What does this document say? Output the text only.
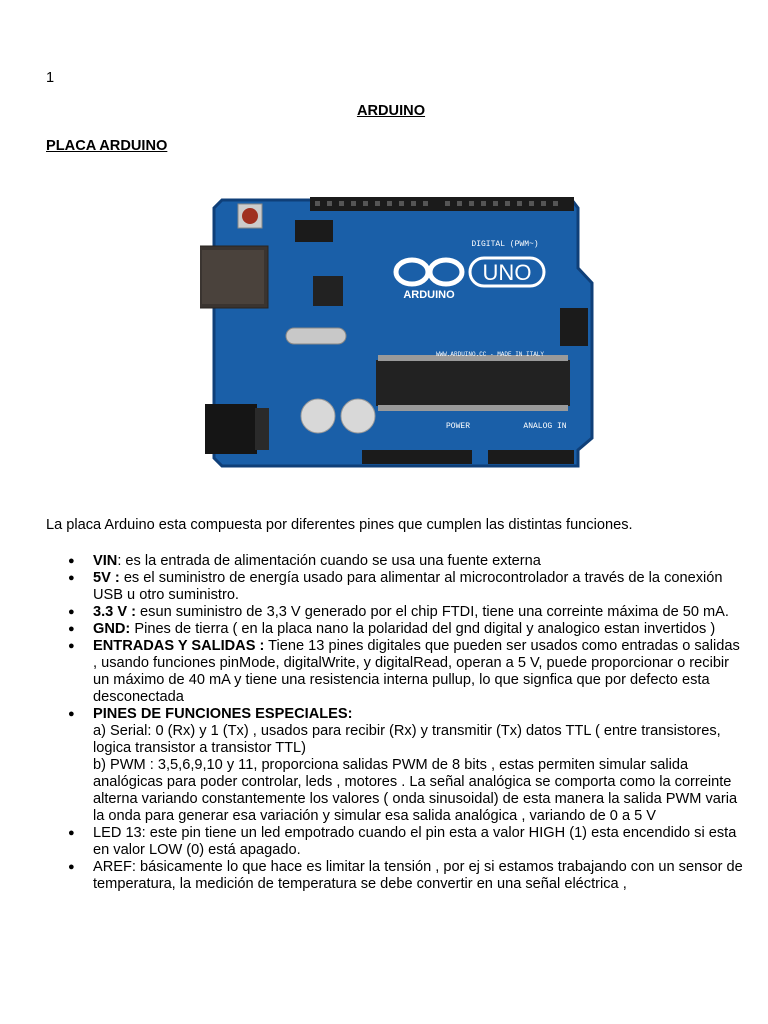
1
ARDUINO
PLACA ARDUINO
UNO
ARDUINO
DIGITAL (PWM~)
WWW.ARDUINO.CC - MADE IN ITALY
POWER	ANALOG IN
La placa Arduino esta compuesta por diferentes pines que cumplen las distintas funciones.
● VIN: es la entrada de alimentación cuando se usa una fuente externa
● 5V : es el suministro de energía usado para alimentar al microcontrolador a través de la conexión USB u otro suministro.
● 3.3 V : esun suministro de 3,3 V generado por el chip FTDI, tiene una correinte máxima de 50 mA.
● GND: Pines de tierra ( en la placa nano la polaridad del gnd digital y analogico estan invertidos )
● ENTRADAS Y SALIDAS : Tiene 13 pines digitales que pueden ser usados como entradas o salidas , usando funciones pinMode, digitalWrite, y digitalRead, operan a 5 V, puede proporcionar o recibir un máximo de 40 mA y tiene una resistencia interna pullup, lo que signfica que por defecto esta desconectada
● PINES DE FUNCIONES ESPECIALES:
a) Serial: 0 (Rx) y 1 (Tx) , usados para recibir (Rx) y transmitir (Tx) datos TTL ( entre transistores, logica transistor a transistor TTL)
b) PWM : 3,5,6,9,10 y 11, proporciona salidas PWM de 8 bits , estas permiten simular salida analógicas para poder controlar, leds , motores . La señal analógica se comporta como la correinte alterna variando constantemente los valores ( onda sinusoidal) de esta manera la salida PWM varia la onda para generar esa variación y simular esa salida analógica , variando de 0 a 5 V
● LED 13: este pin tiene un led empotrado cuando el pin esta a valor HIGH (1) esta encendido si esta en valor LOW (0) está apagado.
● AREF: básicamente lo que hace es limitar la tensión , por ej si estamos trabajando con un sensor de temperatura, la medición de temperatura se debe convertir en una señal eléctrica ,
